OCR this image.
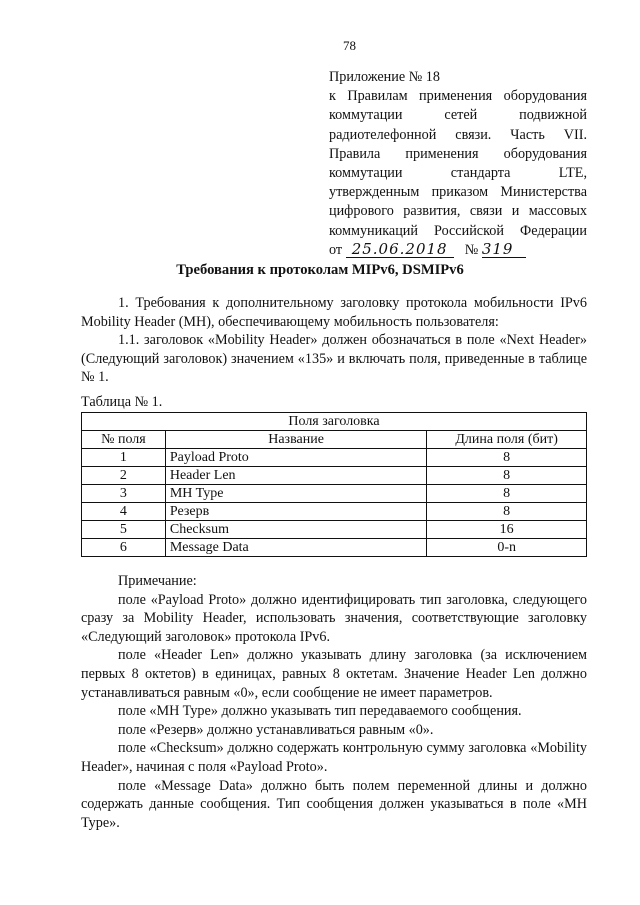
78
Приложение № 18
к Правилам применения оборудования
коммутации сетей подвижной
радиотелефонной связи. Часть VII.
Правила применения оборудования
коммутации стандарта LTE,
утвержденным приказом Министерства
цифрового развития, связи и массовых
коммуникаций Российской Федерации
от 25.06.2018 № 319
Требования к протоколам MIPv6, DSMIPv6
1. Требования к дополнительному заголовку протокола мобильности IPv6 Mobility Header (MH), обеспечивающему мобильность пользователя:
1.1. заголовок «Mobility Header» должен обозначаться в поле «Next Header» (Следующий заголовок) значением «135» и включать поля, приведенные в таблице № 1.
Таблица № 1.
Поля заголовка		
№ поля	Название	Длина поля (бит)
1	Payload Proto	8
2	Header Len	8
3	MH Type	8
4	Резерв	8
5	Checksum	16
6	Message Data	0-n

Примечание:

поле «Payload Proto» должно идентифицировать тип заголовка, следующего сразу за Mobility Header, использовать значения, соответствующие заголовку «Следующий заголовок» протокола IPv6.

поле «Header Len» должно указывать длину заголовка (за исключением первых 8 октетов) в единицах, равных 8 октетам. Значение Header Len должно устанавливаться равным «0», если сообщение не имеет параметров.

поле «MH Type» должно указывать тип передаваемого сообщения.

поле «Резерв» должно устанавливаться равным «0».

поле «Checksum» должно содержать контрольную сумму заголовка «Mobility Header», начиная с поля «Payload Proto».

поле «Message Data» должно быть полем переменной длины и должно содержать данные сообщения. Тип сообщения должен указываться в поле «MH Type».
